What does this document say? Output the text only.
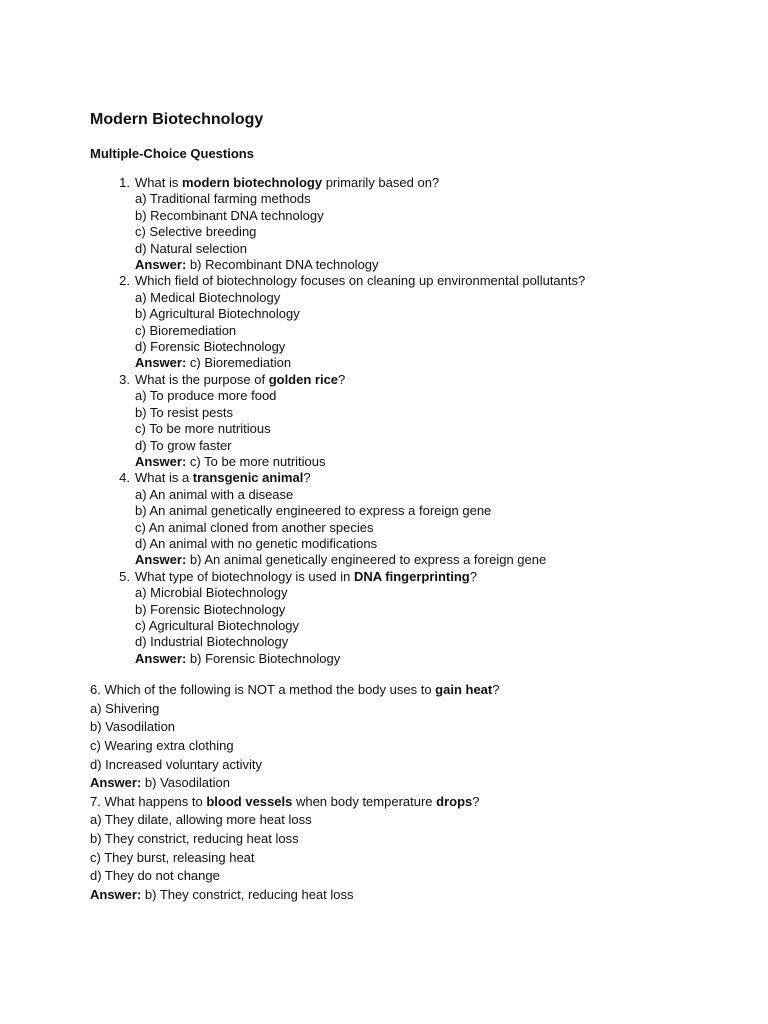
Modern Biotechnology
Multiple-Choice Questions
1. What is modern biotechnology primarily based on?
a) Traditional farming methods
b) Recombinant DNA technology
c) Selective breeding
d) Natural selection
Answer: b) Recombinant DNA technology
2. Which field of biotechnology focuses on cleaning up environmental pollutants?
a) Medical Biotechnology
b) Agricultural Biotechnology
c) Bioremediation
d) Forensic Biotechnology
Answer: c) Bioremediation
3. What is the purpose of golden rice?
a) To produce more food
b) To resist pests
c) To be more nutritious
d) To grow faster
Answer: c) To be more nutritious
4. What is a transgenic animal?
a) An animal with a disease
b) An animal genetically engineered to express a foreign gene
c) An animal cloned from another species
d) An animal with no genetic modifications
Answer: b) An animal genetically engineered to express a foreign gene
5. What type of biotechnology is used in DNA fingerprinting?
a) Microbial Biotechnology
b) Forensic Biotechnology
c) Agricultural Biotechnology
d) Industrial Biotechnology
Answer: b) Forensic Biotechnology
6. Which of the following is NOT a method the body uses to gain heat?
a) Shivering
b) Vasodilation
c) Wearing extra clothing
d) Increased voluntary activity
Answer: b) Vasodilation
7. What happens to blood vessels when body temperature drops?
a) They dilate, allowing more heat loss
b) They constrict, reducing heat loss
c) They burst, releasing heat
d) They do not change
Answer: b) They constrict, reducing heat loss
